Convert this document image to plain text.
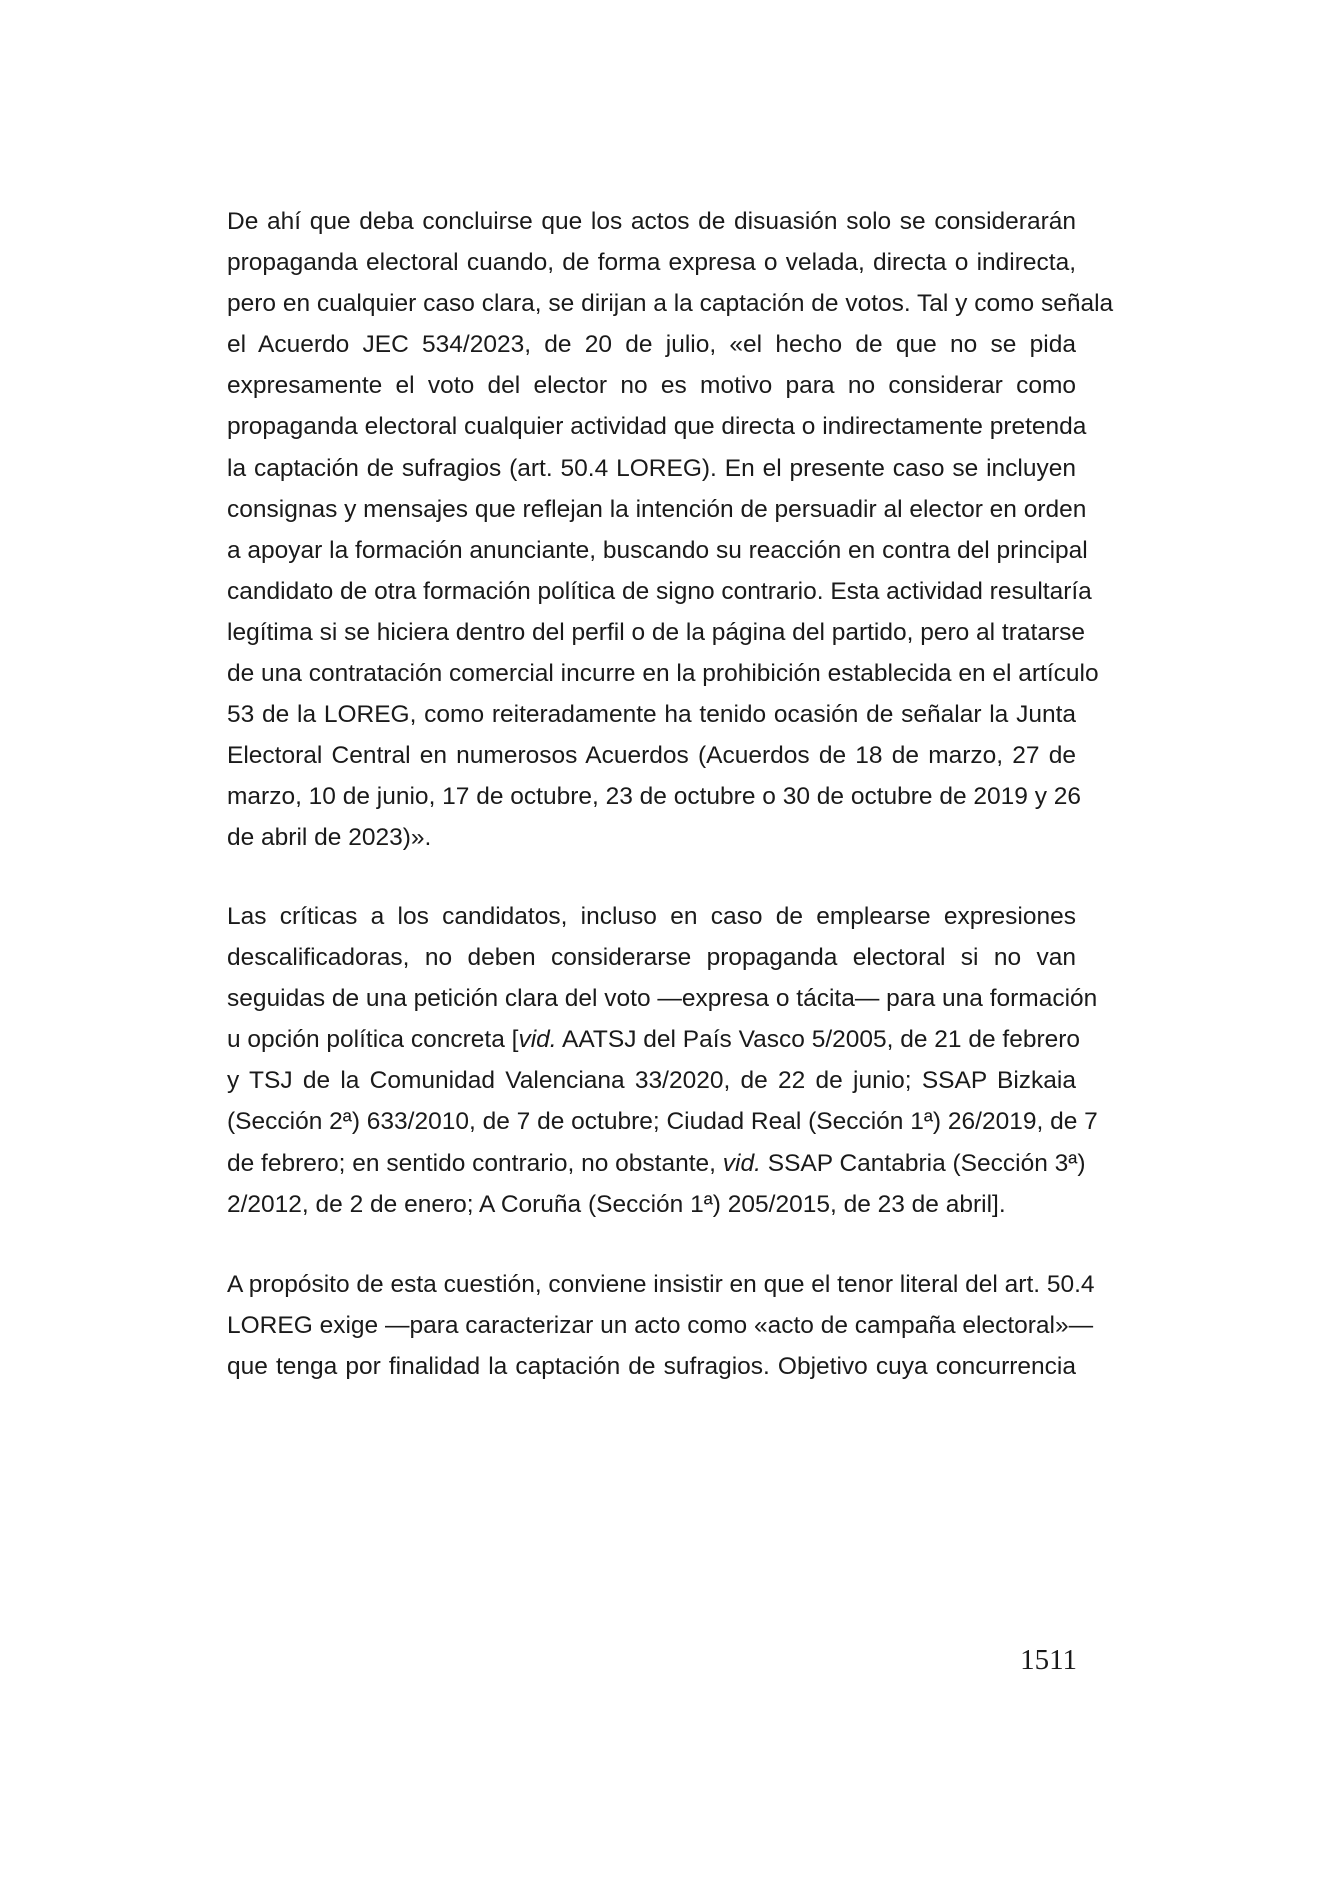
De ahí que deba concluirse que los actos de disuasión solo se considerarán
propaganda electoral cuando, de forma expresa o velada, directa o indirecta,
pero en cualquier caso clara, se dirijan a la captación de votos. Tal y como señala
el Acuerdo JEC 534/2023, de 20 de julio, «el hecho de que no se pida
expresamente el voto del elector no es motivo para no considerar como
propaganda electoral cualquier actividad que directa o indirectamente pretenda
la captación de sufragios (art. 50.4 LOREG). En el presente caso se incluyen
consignas y mensajes que reflejan la intención de persuadir al elector en orden
a apoyar la formación anunciante, buscando su reacción en contra del principal
candidato de otra formación política de signo contrario. Esta actividad resultaría
legítima si se hiciera dentro del perfil o de la página del partido, pero al tratarse
de una contratación comercial incurre en la prohibición establecida en el artículo
53 de la LOREG, como reiteradamente ha tenido ocasión de señalar la Junta
Electoral Central en numerosos Acuerdos (Acuerdos de 18 de marzo, 27 de
marzo, 10 de junio, 17 de octubre, 23 de octubre o 30 de octubre de 2019 y 26
de abril de 2023)».
Las críticas a los candidatos, incluso en caso de emplearse expresiones
descalificadoras, no deben considerarse propaganda electoral si no van
seguidas de una petición clara del voto —expresa o tácita— para una formación
u opción política concreta [vid. AATSJ del País Vasco 5/2005, de 21 de febrero
y TSJ de la Comunidad Valenciana 33/2020, de 22 de junio; SSAP Bizkaia
(Sección 2ª) 633/2010, de 7 de octubre; Ciudad Real (Sección 1ª) 26/2019, de 7
de febrero; en sentido contrario, no obstante, vid. SSAP Cantabria (Sección 3ª)
2/2012, de 2 de enero; A Coruña (Sección 1ª) 205/2015, de 23 de abril].
A propósito de esta cuestión, conviene insistir en que el tenor literal del art. 50.4
LOREG exige —para caracterizar un acto como «acto de campaña electoral»—
que tenga por finalidad la captación de sufragios. Objetivo cuya concurrencia
1511
